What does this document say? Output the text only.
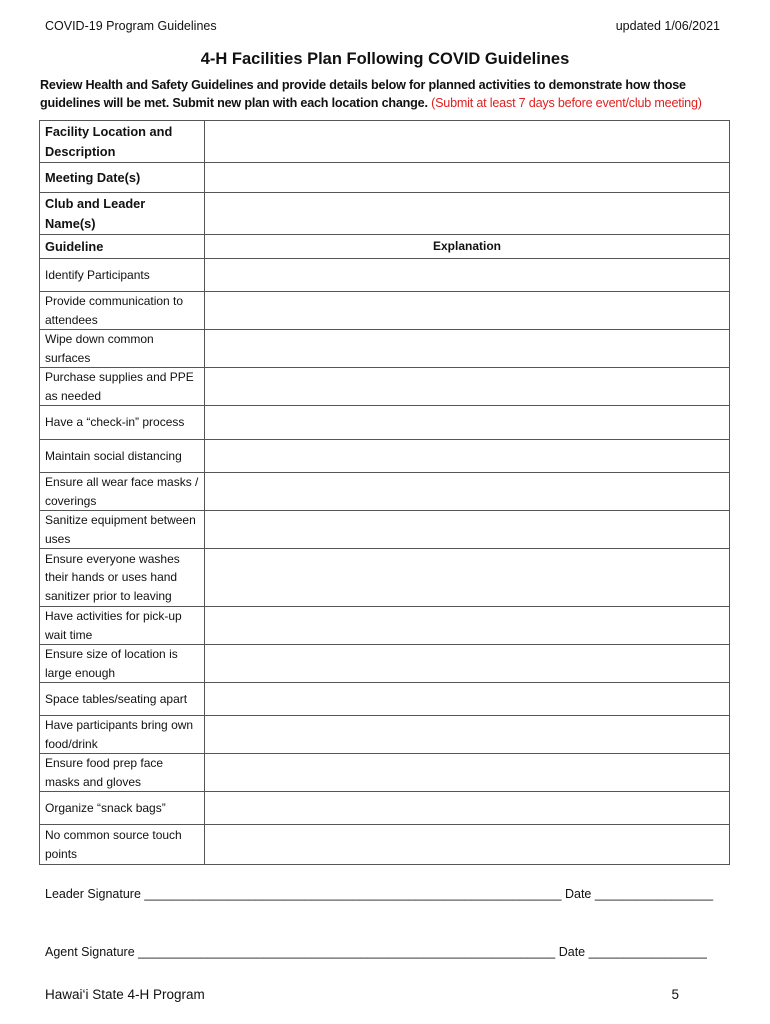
COVID-19 Program Guidelines	updated 1/06/2021
4-H Facilities Plan Following COVID Guidelines
Review Health and Safety Guidelines and provide details below for planned activities to demonstrate how those guidelines will be met. Submit new plan with each location change. (Submit at least 7 days before event/club meeting)
Facility Location and Description	
Meeting Date(s)	
Club and Leader Name(s)	
Guideline	Explanation
Identify Participants	
Provide communication to attendees	
Wipe down common surfaces	
Purchase supplies and PPE as needed	
Have a “check-in” process	
Maintain social distancing	
Ensure all wear face masks / coverings	
Sanitize equipment between uses	
Ensure everyone washes their hands or uses hand sanitizer prior to leaving	
Have activities for pick-up wait time	
Ensure size of location is large enough	
Space tables/seating apart	
Have participants bring own food/drink	
Ensure food prep face masks and gloves	
Organize “snack bags”	
No common source touch points	
Leader Signature ____________________________________________________________ Date _________________
Agent Signature ____________________________________________________________ Date _________________
Hawai‘i State 4-H Program	5
